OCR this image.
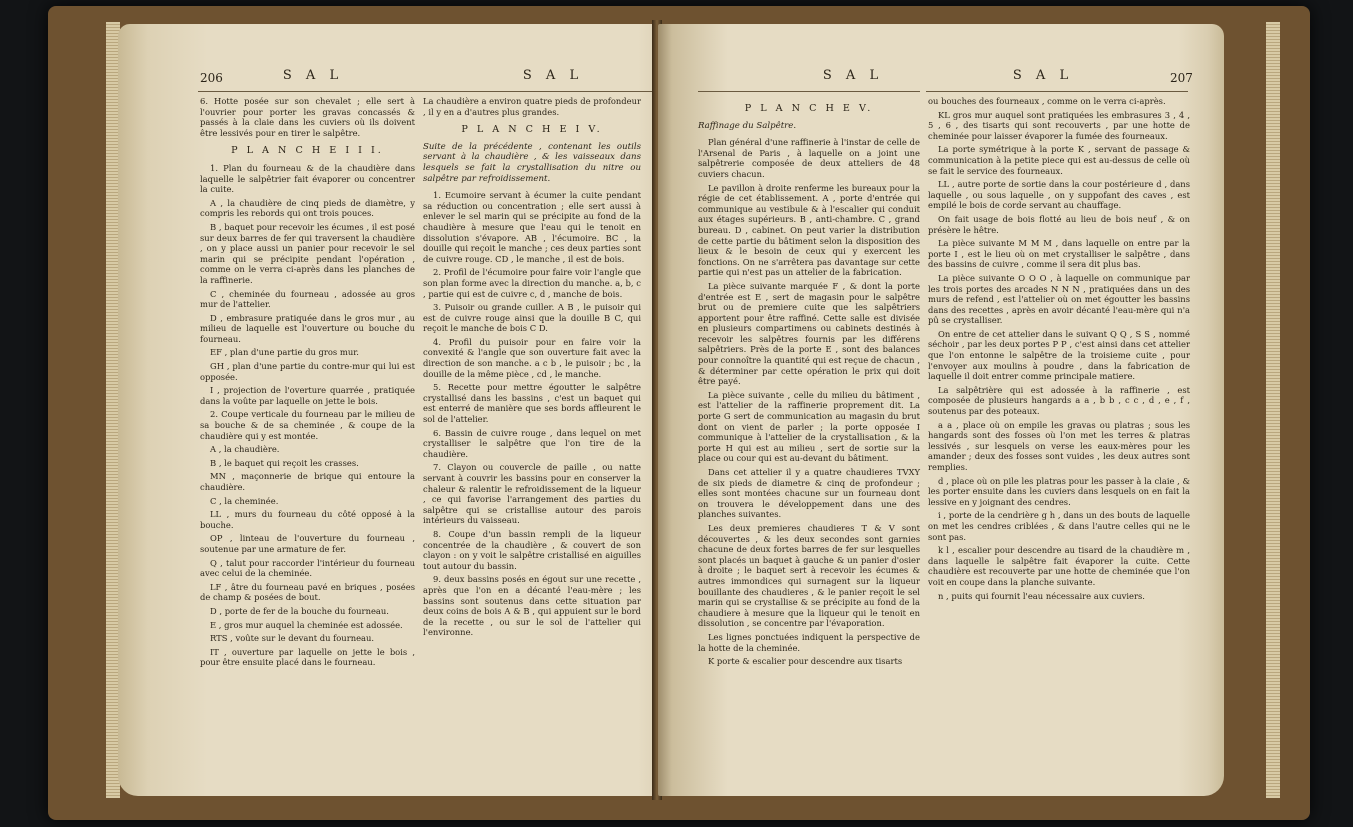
206	S A L	S A L

6. Hotte posée sur son chevalet ; elle sert à l'ouvrier pour porter les gravas concassés & passés à la claie dans les cuviers où ils doivent être lessivés pour en tirer le salpêtre.

P L A N C H E I I I.

1. Plan du fourneau & de la chaudière dans laquelle le salpêtrier fait évaporer ou concentrer la cuite.

A , la chaudière de cinq pieds de diamètre, y compris les rebords qui ont trois pouces.

B , baquet pour recevoir les écumes , il est posé sur deux barres de fer qui traversent la chaudière , on y place aussi un panier pour recevoir le sel marin qui se précipite pendant l'opération , comme on le verra ci-après dans les planches de la raffinerie.

C , cheminée du fourneau , adossée au gros mur de l'attelier.

D , embrasure pratiquée dans le gros mur , au milieu de laquelle est l'ouverture ou bouche du fourneau.

EF , plan d'une partie du gros mur.

GH , plan d'une partie du contre-mur qui lui est opposée.

I , projection de l'overture quarrée , pratiquée dans la voûte par laquelle on jette le bois.

2. Coupe verticale du fourneau par le milieu de sa bouche & de sa cheminée , & coupe de la chaudière qui y est montée.

A , la chaudière.

B , le baquet qui reçoit les crasses.

MN , maçonnerie de brique qui entoure la chaudière.

C , la cheminée.

LL , murs du fourneau du côté opposé à la bouche.

OP , linteau de l'ouverture du fourneau , soutenue par une armature de fer.

Q , talut pour raccorder l'intérieur du fourneau avec celui de la cheminée.

LF , âtre du fourneau pavé en briques , posées de champ & posées de bout.

D , porte de fer de la bouche du fourneau.

E , gros mur auquel la cheminée est adossée.

RTS , voûte sur le devant du fourneau.

IT , ouverture par laquelle on jette le bois , pour être ensuite placé dans le fourneau.

La chaudière a environ quatre pieds de profondeur , il y en a d'autres plus grandes.

P L A N C H E I V.
Suite de la précédente , contenant les outils servant à la chaudière , & les vaisseaux dans lesquels se fait la crystallisation du nitre ou salpêtre par refroidissement.

1. Ecumoire servant à écumer la cuite pendant sa réduction ou concentration ; elle sert aussi à enlever le sel marin qui se précipite au fond de la chaudière à mesure que l'eau qui le tenoit en dissolution s'évapore. AB , l'écumoire. BC , la douille qui reçoit le manche ; ces deux parties sont de cuivre rouge. CD , le manche , il est de bois.

2. Profil de l'écumoire pour faire voir l'angle que son plan forme avec la direction du manche. a, b, c , partie qui est de cuivre c, d , manche de bois.

3. Puisoir ou grande cuiller. A B , le puisoir qui est de cuivre rouge ainsi que la douille B C, qui reçoit le manche de bois C D.

4. Profil du puisoir pour en faire voir la convexité & l'angle que son ouverture fait avec la direction de son manche. a c b , le puisoir ; bc , la douille de la même pièce , cd , le manche.

5. Recette pour mettre égoutter le salpêtre crystallisé dans les bassins , c'est un baquet qui est enterré de manière que ses bords affleurent le sol de l'attelier.

6. Bassin de cuivre rouge , dans lequel on met crystalliser le salpêtre que l'on tire de la chaudière.

7. Clayon ou couvercle de paille , ou natte servant à couvrir les bassins pour en conserver la chaleur & ralentir le refroidissement de la liqueur , ce qui favorise l'arrangement des parties du salpêtre qui se cristallise autour des parois intérieurs du vaisseau.

8. Coupe d'un bassin rempli de la liqueur concentrée de la chaudière , & couvert de son clayon : on y voit le salpêtre cristallisé en aiguilles tout autour du bassin.

9. deux bassins posés en égout sur une recette , après que l'on en a décanté l'eau-mère ; les bassins sont soutenus dans cette situation par deux coins de bois A & B , qui appuient sur le bord de la recette , ou sur le sol de l'attelier qui l'environne.

S A L	S A L	207
P L A N C H E V.
Raffinage du Salpêtre.

Plan général d'une raffinerie à l'instar de celle de l'Arsenal de Paris , à laquelle on a joint une salpêtrerie composée de deux atteliers de 48 cuviers chacun.

Le pavillon à droite renferme les bureaux pour la régie de cet établissement. A , porte d'entrée qui communique au vestibule & à l'escalier qui conduit aux étages supérieurs. B , anti-chambre. C , grand bureau. D , cabinet. On peut varier la distribution de cette partie du bâtiment selon la disposition des lieux & le besoin de ceux qui y exercent les fonctions. On ne s'arrêtera pas davantage sur cette partie qui n'est pas un attelier de la fabrication.

La pièce suivante marquée F , & dont la porte d'entrée est E , sert de magasin pour le salpêtre brut ou de premiere cuite que les salpêtriers apportent pour être raffiné. Cette salle est divisée en plusieurs compartimens ou cabinets destinés à recevoir les salpêtres fournis par les différens salpêtriers. Près de la porte E , sont des balances pour connoître la quantité qui est reçue de chacun , & déterminer par cette opération le prix qui doit être payé.

La pièce suivante , celle du milieu du bâtiment , est l'attelier de la raffinerie proprement dit. La porte G sert de communication au magasin du brut dont on vient de parler ; la porte opposée I communique à l'attelier de la crystallisation , & la porte H qui est au milieu , sert de sortie sur la place ou cour qui est au-devant du bâtiment.

Dans cet attelier il y a quatre chaudieres TVXY de six pieds de diametre & cinq de profondeur ; elles sont montées chacune sur un fourneau dont on trouvera le développement dans une des planches suivantes.

Les deux premieres chaudieres T & V sont découvertes , & les deux secondes sont garnies chacune de deux fortes barres de fer sur lesquelles sont placés un baquet à gauche & un panier d'osier à droite ; le baquet sert à recevoir les écumes & autres immondices qui surnagent sur la liqueur bouillante des chaudieres , & le panier reçoit le sel marin qui se crystallise & se précipite au fond de la chaudiere à mesure que la liqueur qui le tenoit en dissolution , se concentre par l'évaporation.

Les lignes ponctuées indiquent la perspective de la hotte de la cheminée.

K porte & escalier pour descendre aux tisarts

ou bouches des fourneaux , comme on le verra ci-après.

KL gros mur auquel sont pratiquées les embrasures 3 , 4 , 5 , 6 , des tisarts qui sont recouverts , par une hotte de cheminée pour laisser évaporer la fumée des fourneaux.

La porte symétrique à la porte K , servant de passage & communication à la petite piece qui est au-dessus de celle où se fait le service des fourneaux.

LL , autre porte de sortie dans la cour postérieure d , dans laquelle , ou sous laquelle , on y suppofant des caves , est empilé le bois de corde servant au chauffage.

On fait usage de bois flotté au lieu de bois neuf , & on présère le hêtre.

La pièce suivante M M M , dans laquelle on entre par la porte I , est le lieu où on met crystalliser le salpêtre , dans des bassins de cuivre , comme il sera dit plus bas.

La pièce suivante O O O , à laquelle on communique par les trois portes des arcades N N N , pratiquées dans un des murs de refend , est l'attelier où on met égoutter les bassins dans des recettes , après en avoir décanté l'eau-mère qui n'a pû se crystalliser.

On entre de cet attelier dans le suivant Q Q , S S , nommé séchoir , par les deux portes P P , c'est ainsi dans cet attelier que l'on entonne le salpêtre de la troisieme cuite , pour l'envoyer aux moulins à poudre , dans la fabrication de laquelle il doit entrer comme principale matiere.

La salpêtrière qui est adossée à la raffinerie , est composée de plusieurs hangards a a , b b , c c , d , e , f , soutenus par des poteaux.

a a , place où on empile les gravas ou platras ; sous les hangards sont des fosses où l'on met les terres & platras lessivés , sur lesquels on verse les eaux-mères pour les amander ; deux des fosses sont vuides , les deux autres sont remplies.

d , place où on pile les platras pour les passer à la claie , & les porter ensuite dans les cuviers dans lesquels on en fait la lessive en y joignant des cendres.

i , porte de la cendrière g h , dans un des bouts de laquelle on met les cendres criblées , & dans l'autre celles qui ne le sont pas.

k l , escalier pour descendre au tisard de la chaudière m , dans laquelle le salpêtre fait évaporer la cuite. Cette chaudière est recouverte par une hotte de cheminée que l'on voit en coupe dans la planche suivante.

n , puits qui fournit l'eau nécessaire aux cuviers.
